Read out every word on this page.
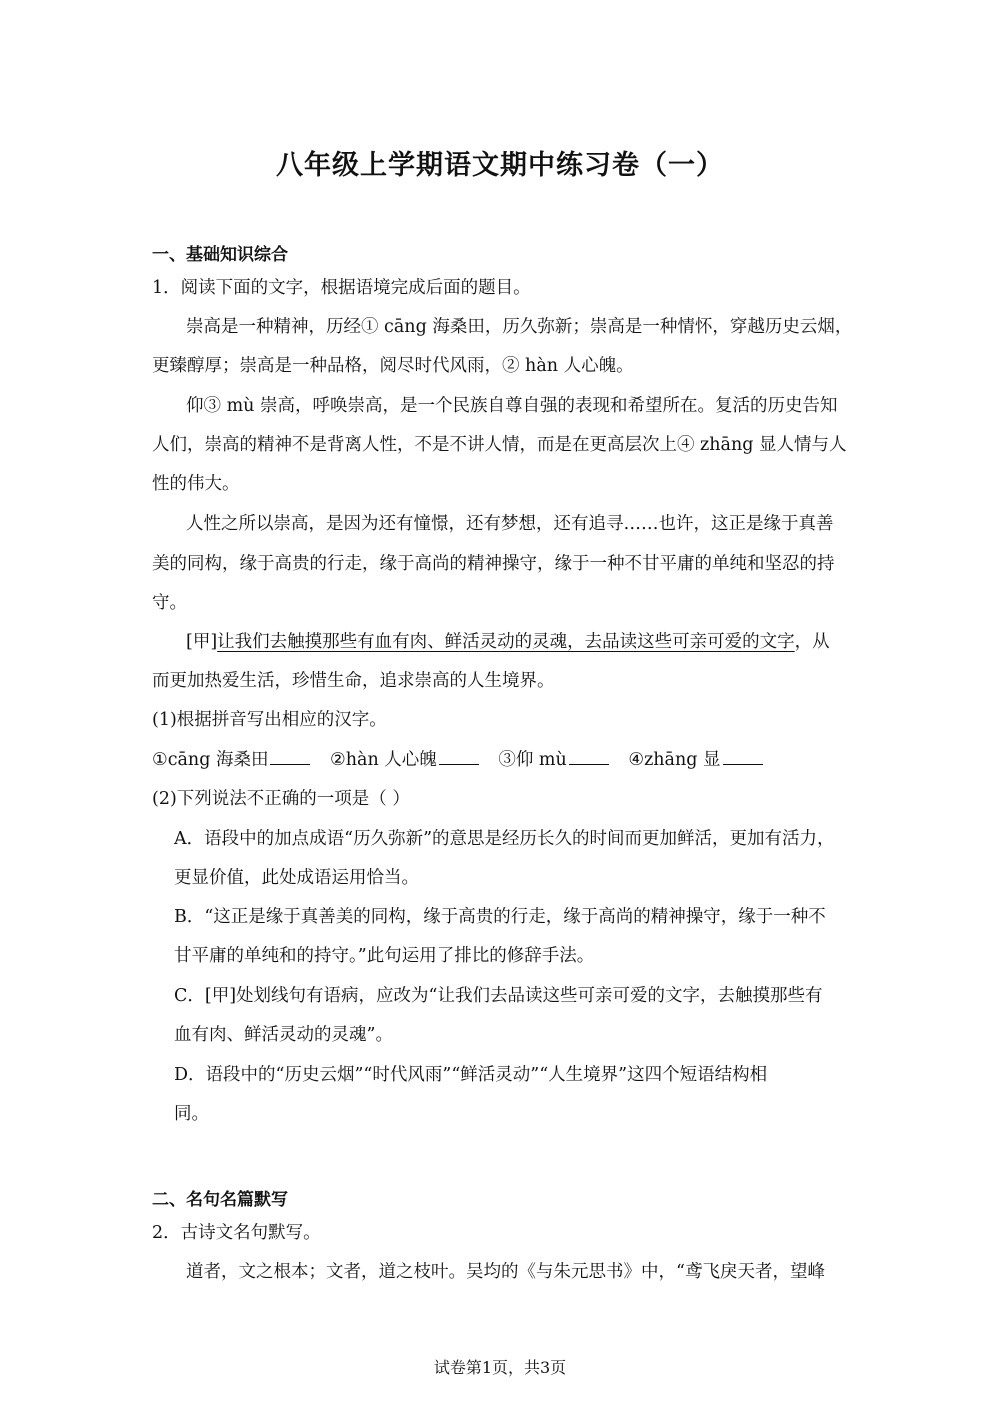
八年级上学期语文期中练习卷（一）
一、基础知识综合
1．阅读下面的文字，根据语境完成后面的题目。
崇高是一种精神，历经① cāng 海桑田，历久弥新；崇高是一种情怀，穿越历史云烟，
更臻醇厚；崇高是一种品格，阅尽时代风雨，② hàn 人心魄。
仰③ mù 崇高，呼唤崇高，是一个民族自尊自强的表现和希望所在。复活的历史告知
人们，崇高的精神不是背离人性，不是不讲人情，而是在更高层次上④ zhāng 显人情与人
性的伟大。
人性之所以崇高，是因为还有憧憬，还有梦想，还有追寻……也许，这正是缘于真善
美的同构，缘于高贵的行走，缘于高尚的精神操守，缘于一种不甘平庸的单纯和坚忍的持
守。
[甲]让我们去触摸那些有血有肉、鲜活灵动的灵魂，去品读这些可亲可爱的文字，从
而更加热爱生活，珍惜生命，追求崇高的人生境界。
(1)根据拼音写出相应的汉字。
①cāng 海桑田	②hàn 人心魄	③仰 mù	④zhāng 显
(2)下列说法不正确的一项是（ ）
A．语段中的加点成语“历久弥新”的意思是经历长久的时间而更加鲜活，更加有活力，
更显价值，此处成语运用恰当。
B．“这正是缘于真善美的同构，缘于高贵的行走，缘于高尚的精神操守，缘于一种不
甘平庸的单纯和的持守。”此句运用了排比的修辞手法。
C．[甲]处划线句有语病，应改为“让我们去品读这些可亲可爱的文字，去触摸那些有
血有肉、鲜活灵动的灵魂”。
D．语段中的“历史云烟”“时代风雨”“鲜活灵动”“人生境界”这四个短语结构相
同。
二、名句名篇默写
2．古诗文名句默写。
道者，文之根本；文者，道之枝叶。吴均的《与朱元思书》中，“鸢飞戾天者，望峰
试卷第1页，共3页
